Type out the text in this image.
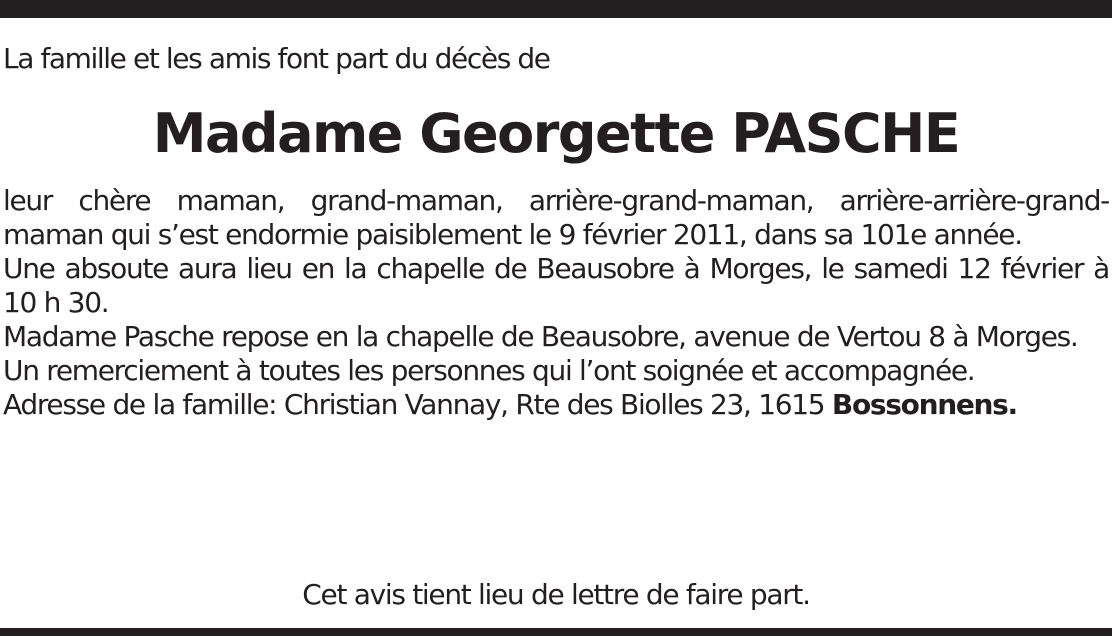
La famille et les amis font part du décès de
Madame Georgette PASCHE

leur chère maman, grand-maman, arrière-grand-maman, arrière-arrière-grand-maman qui s’est endormie paisiblement le 9 février 2011, dans sa 101e année.

Une absoute aura lieu en la chapelle de Beausobre à Morges, le samedi 12 février à 10 h 30.

Madame Pasche repose en la chapelle de Beausobre, avenue de Vertou 8 à Morges.

Un remerciement à toutes les personnes qui l’ont soignée et accompagnée.

Adresse de la famille: Christian Vannay, Rte des Biolles 23, 1615 Bossonnens.

Cet avis tient lieu de lettre de faire part.
